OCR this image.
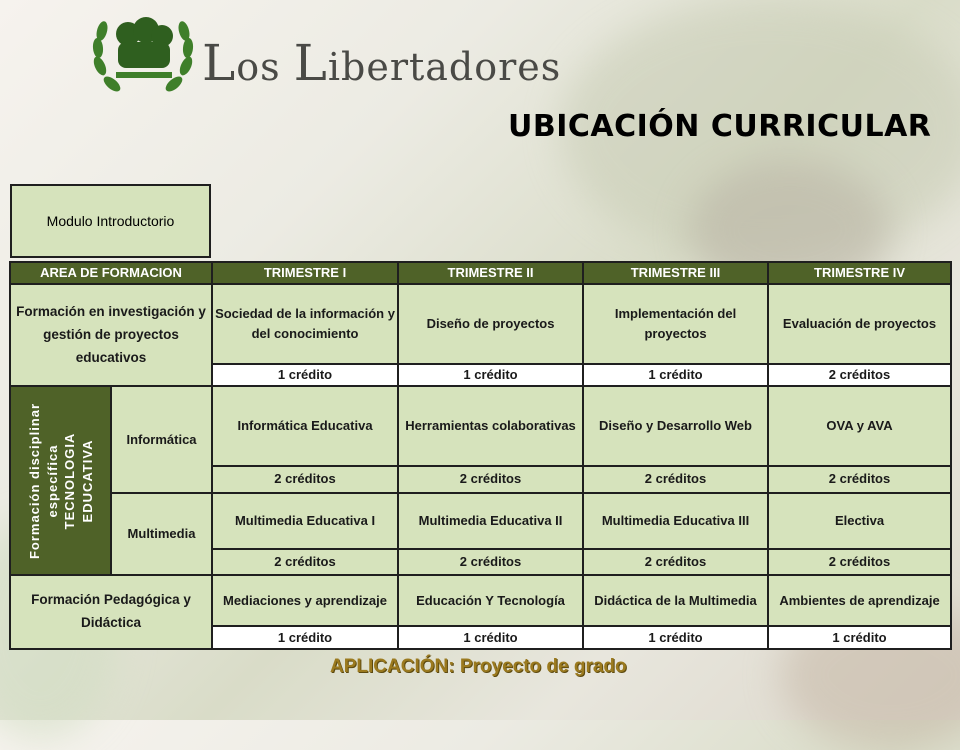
Los Libertadores
UBICACIÓN CURRICULAR
Modulo Introductorio
AREA DE FORMACION		TRIMESTRE I	TRIMESTRE II	TRIMESTRE III	TRIMESTRE IV
Formación en investigación y gestión de proyectos educativos		Sociedad de la información y del conocimiento	Diseño de proyectos	Implementación del proyectos	Evaluación de proyectos
		1 crédito	1 crédito	1 crédito	2 créditos

Formación disciplinar específica TECNOLOGIA EDUCATIVA	Informática	Informática Educativa	Herramientas colaborativas	Diseño y Desarrollo Web	OVA y AVA
		2 créditos	2 créditos	2 créditos	2 créditos
	Multimedia	Multimedia Educativa I	Multimedia Educativa II	Multimedia Educativa III	Electiva
		2 créditos	2 créditos	2 créditos	2 créditos
Formación Pedagógica y Didáctica		Mediaciones y aprendizaje	Educación Y Tecnología	Didáctica de la Multimedia	Ambientes de aprendizaje
		1 crédito	1 crédito	1 crédito	1 crédito
APLICACIÓN: Proyecto de grado
